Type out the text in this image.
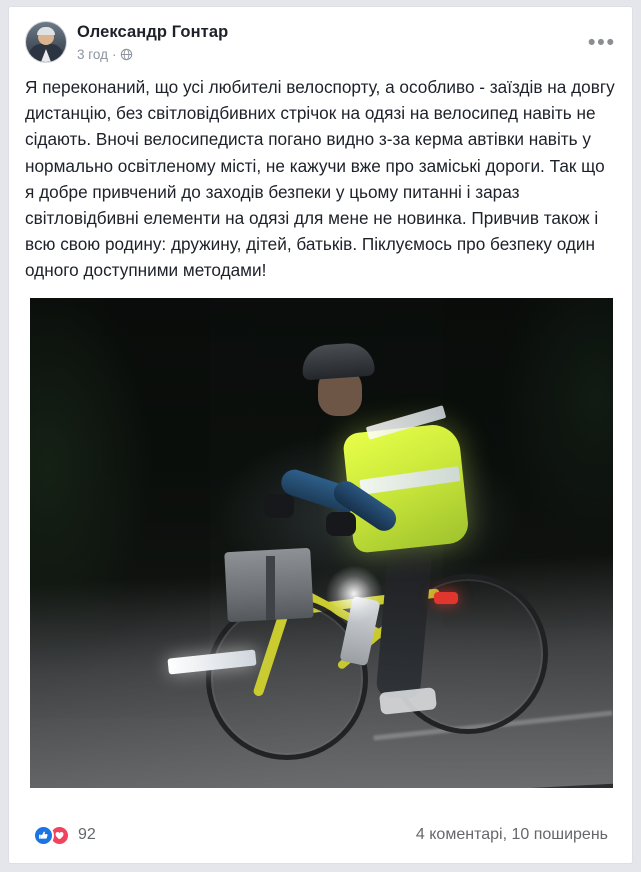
Олександр Гонтар
3 год ·
•••
Я переконаний, що усі любителі велоспорту, а особливо - заїздів на довгу дистанцію, без світловідбивних стрічок на одязі на велосипед навіть не сідають. Вночі велосипедиста погано видно з-за керма автівки навіть у нормально освітленому місті, не кажучи вже про заміські дороги. Так що я добре привчений до заходів безпеки у цьому питанні і зараз світловідбивні елементи на одязі для мене не новинка. Привчив також і всю свою родину: дружину, дітей, батьків. Піклуємось про безпеку один одного доступними методами!
92	4 коментарі, 10 поширень
